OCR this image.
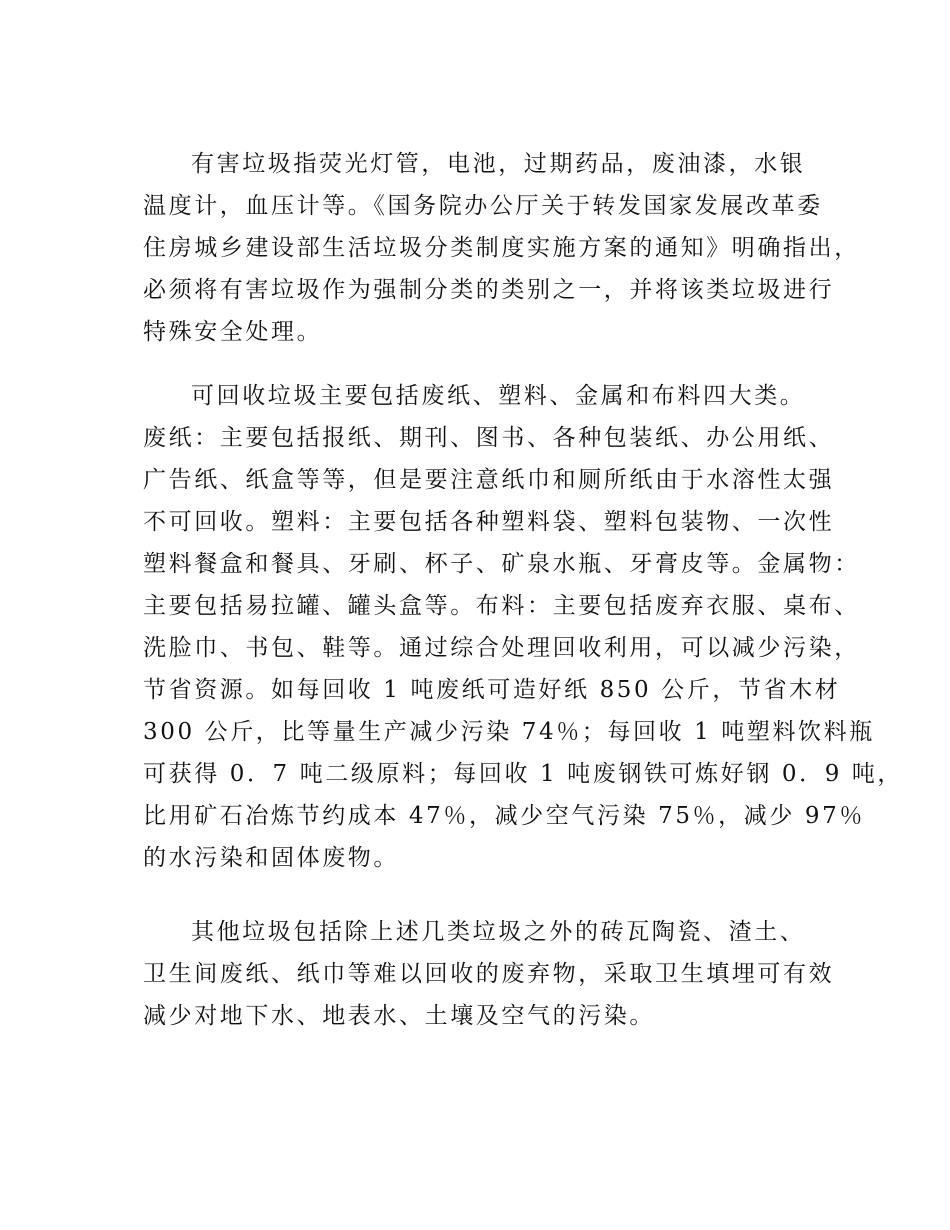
有害垃圾指荧光灯管，电池，过期药品，废油漆，水银
温度计，血压计等。《国务院办公厅关于转发国家发展改革委
住房城乡建设部生活垃圾分类制度实施方案的通知》明确指出，
必须将有害垃圾作为强制分类的类别之一，并将该类垃圾进行
特殊安全处理。
可回收垃圾主要包括废纸、塑料、金属和布料四大类。
废纸：主要包括报纸、期刊、图书、各种包装纸、办公用纸、
广告纸、纸盒等等，但是要注意纸巾和厕所纸由于水溶性太强
不可回收。塑料：主要包括各种塑料袋、塑料包装物、一次性
塑料餐盒和餐具、牙刷、杯子、矿泉水瓶、牙膏皮等。金属物：
主要包括易拉罐、罐头盒等。布料：主要包括废弃衣服、桌布、
洗脸巾、书包、鞋等。通过综合处理回收利用，可以减少污染，
节省资源。如每回收 1 吨废纸可造好纸 850 公斤，节省木材
300 公斤，比等量生产减少污染 74％；每回收 1 吨塑料饮料瓶
可获得 0．7 吨二级原料；每回收 1 吨废钢铁可炼好钢 0．9 吨，
比用矿石冶炼节约成本 47％，减少空气污染 75％，减少 97％
的水污染和固体废物。
其他垃圾包括除上述几类垃圾之外的砖瓦陶瓷、渣土、
卫生间废纸、纸巾等难以回收的废弃物，采取卫生填埋可有效
减少对地下水、地表水、土壤及空气的污染。
